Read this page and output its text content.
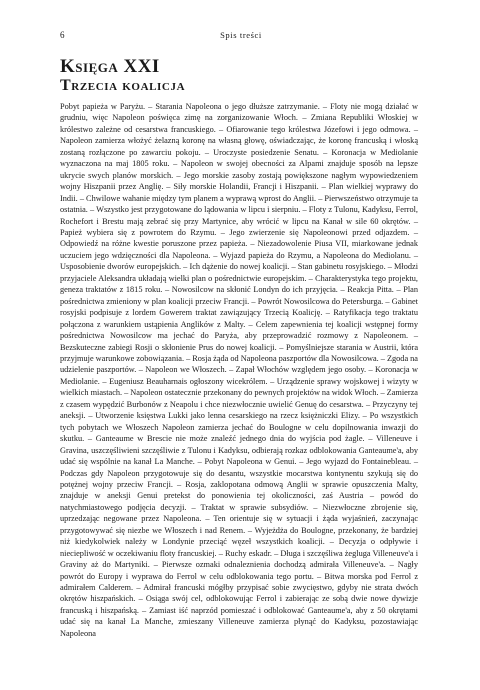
6	Spis treści
Księga XXI
Trzecia koalicja
Pobyt papieża w Paryżu. – Starania Napoleona o jego dłuższe zatrzymanie. – Floty nie mogą działać w grudniu, więc Napoleon poświęca zimę na zorganizowanie Włoch. – Zmiana Republiki Włoskiej w królestwo zależne od cesarstwa francuskiego. – Ofiarowanie tego królestwa Józefowi i jego odmowa. – Napoleon zamierza włożyć żelazną koronę na własną głowę, oświadczając, że koronę francuską i włoską zostaną rozłączone po zawarciu pokoju. – Uroczyste posiedzenie Senatu. – Koronacja w Mediolanie wyznaczona na maj 1805 roku. – Napoleon w swojej obecności za Alpami znajduje sposób na lepsze ukrycie swych planów morskich. – Jego morskie zasoby zostają powiększone nagłym wypowiedzeniem wojny Hiszpanii przez Anglię. – Siły morskie Holandii, Francji i Hiszpanii. – Plan wielkiej wyprawy do Indii. – Chwilowe wahanie między tym planem a wyprawą wprost do Anglii. – Pierwszeństwo otrzymuje ta ostatnia. – Wszystko jest przygotowane do lądowania w lipcu i sierpniu. – Floty z Tulonu, Kadyksu, Ferrol, Rochefort i Brestu mają zebrać się przy Martynice, aby wrócić w lipcu na Kanał w sile 60 okrętów. – Papież wybiera się z powrotem do Rzymu. – Jego zwierzenie się Napoleonowi przed odjazdem. – Odpowiedź na różne kwestie poruszone przez papieża. – Niezadowolenie Piusa VII, miarkowane jednak uczuciem jego wdzięczności dla Napoleona. – Wyjazd papieża do Rzymu, a Napoleona do Mediolanu. – Usposobienie dworów europejskich. – Ich dążenie do nowej koalicji. – Stan gabinetu rosyjskiego. – Młodzi przyjaciele Aleksandra układają wielki plan o pośrednictwie europejskim. – Charakterystyka tego projektu, geneza traktatów z 1815 roku. – Nowosilcow na skłonić Londyn do ich przyjęcia. – Reakcja Pitta. – Plan pośrednictwa zmieniony w plan koalicji przeciw Francji. – Powrót Nowosilcowa do Petersburga. – Gabinet rosyjski podpisuje z lordem Gowerem traktat zawiązujący Trzecią Koalicję. – Ratyfikacja tego traktatu połączona z warunkiem ustąpienia Anglików z Malty. – Celem zapewnienia tej koalicji wstępnej formy pośrednictwa Nowosilcow ma jechać do Paryża, aby przeprowadzić rozmowy z Napoleonem. – Bezskuteczne zabiegi Rosji o skłonienie Prus do nowej koalicji. – Pomyślniejsze starania w Austrii, która przyjmuje warunkowe zobowiązania. – Rosja żąda od Napoleona paszportów dla Nowosilcowa. – Zgoda na udzielenie paszportów. – Napoleon we Włoszech. – Zapał Włochów względem jego osoby. – Koronacja w Mediolanie. – Eugeniusz Beauharnais ogłoszony wicekrólem. – Urządzenie sprawy wojskowej i wizyty w wielkich miastach. – Napoleon ostatecznie przekonany do pewnych projektów na widok Włoch. – Zamierza z czasem wypędzić Burbonów z Neapolu i chce niezwłocznie uwielić Genuę do cesarstwa. – Przyczyny tej aneksji. – Utworzenie księstwa Lukki jako lenna cesarskiego na rzecz księżniczki Elizy. – Po wszystkich tych pobytach we Włoszech Napoleon zamierza jechać do Boulogne w celu dopilnowania inwazji do skutku. – Ganteaume w Brescie nie może znaleźć jednego dnia do wyjścia pod żagle. – Villeneuve i Gravina, uszczęśliwieni szczęśliwie z Tulonu i Kadyksu, odbierają rozkaz odblokowania Ganteaume'a, aby udać się wspólnie na kanał La Manche. – Pobyt Napoleona w Genui. – Jego wyjazd do Fontainebleau. – Podczas gdy Napoleon przygotowuje się do desantu, wszystkie mocarstwa kontynentu szykują się do potężnej wojny przeciw Francji. – Rosja, zaklopotana odmową Anglii w sprawie opuszczenia Malty, znajduje w aneksji Genui pretekst do ponowienia tej okoliczności, zaś Austria – powód do natychmiastowego podjęcia decyzji. – Traktat w sprawie subsydiów. – Niezwłoczne zbrojenie się, uprzedzając negowane przez Napoleona. – Ten orientuje się w sytuacji i żąda wyjaśnień, zaczynając przygotowywać się niezbe we Włoszech i nad Renem. – Wyjeżdża do Boulogne, przekonany, że bardziej niż kiedykolwiek należy w Londynie przeciąć węzeł wszystkich koalicji. – Decyzja o odpływie i nieciepliwość w oczekiwaniu floty francuskiej. – Ruchy eskadr. – Długa i szczęśliwa żegluga Villeneuve'a i Graviny aż do Martyniki. – Pierwsze ozmaki odnaleznienia dochodzą admirała Villeneuve'a. – Nagły powrót do Europy i wyprawa do Ferrol w celu odblokowania tego portu. – Bitwa morska pod Ferrol z admirałem Calderem. – Admirał francuski mógłby przypisać sobie zwycięstwo, gdyby nie strata dwóch okrętów hiszpańskich. – Osiąga swój cel, odblokowując Ferrol i zabierając ze sobą dwie nowe dywizje francuską i hiszpańską. – Zamiast iść naprzód pomieszać i odblokować Ganteaume'a, aby z 50 okrętami udać się na kanał La Manche, zmieszany Villeneuve zamierza płynąć do Kadyksu, pozostawiając Napoleona
